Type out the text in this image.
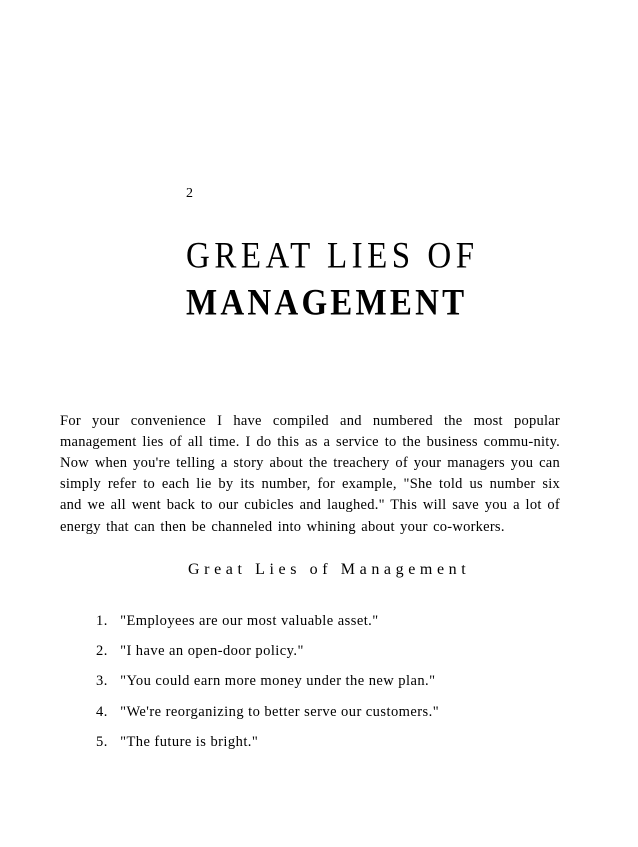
2
GREAT LIES OF
MANAGEMENT

For your convenience I have compiled and numbered the most popular management lies of all time. I do this as a service to the business commu-nity. Now when you're telling a story about the treachery of your managers you can simply refer to each lie by its number, for example, "She told us number six and we all went back to our cubicles and laughed." This will save you a lot of energy that can then be channeled into whining about your co-workers.

Great Lies of Management
1. "Employees are our most valuable asset."
2. "I have an open-door policy."
3. "You could earn more money under the new plan."
4. "We're reorganizing to better serve our customers."
5. "The future is bright."
